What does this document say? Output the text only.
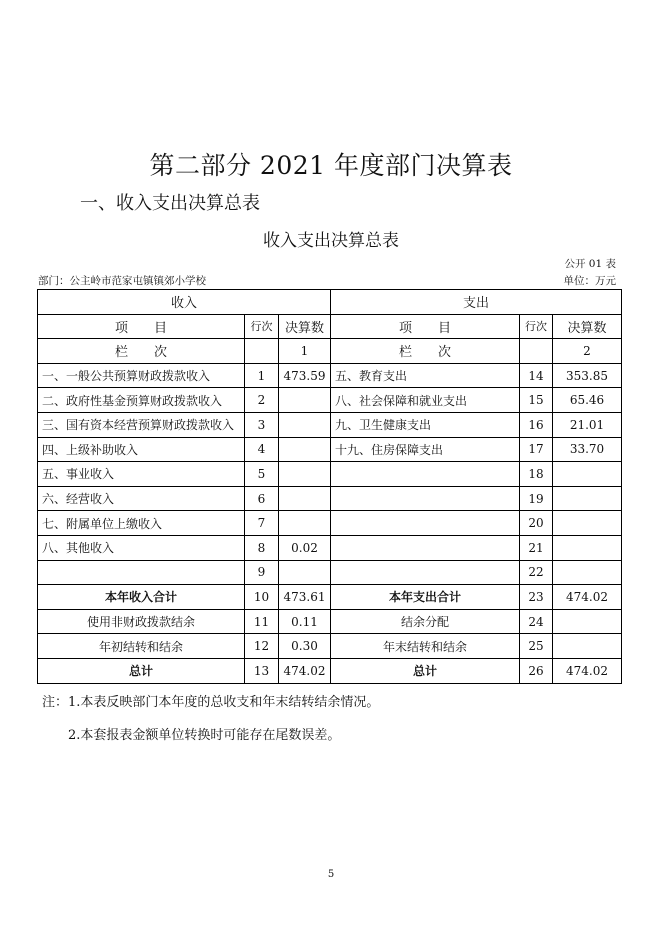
第二部分 2021 年度部门决算表
一、收入支出决算总表
收入支出决算总表
公开 01 表
部门：公主岭市范家屯镇镇郊小学校	单位：万元
收入			支出		
项　　目	行次	决算数	项　　目	行次	决算数
栏　　次		1	栏　　次		2
一、一般公共预算财政拨款收入	1	473.59	五、教育支出	14	353.85
二、政府性基金预算财政拨款收入	2		八、社会保障和就业支出	15	65.46
三、国有资本经营预算财政拨款收入	3		九、卫生健康支出	16	21.01
四、上级补助收入	4		十九、住房保障支出	17	33.70
五、事业收入	5			18	
六、经营收入	6			19	
七、附属单位上缴收入	7			20	
八、其他收入	8	0.02		21	
	9			22	
本年收入合计	10	473.61	本年支出合计	23	474.02
使用非财政拨款结余	11	0.11	结余分配	24	
年初结转和结余	12	0.30	年末结转和结余	25	
总计	13	474.02	总计	26	474.02
注：1.本表反映部门本年度的总收支和年末结转结余情况。
2.本套报表金额单位转换时可能存在尾数误差。
5
